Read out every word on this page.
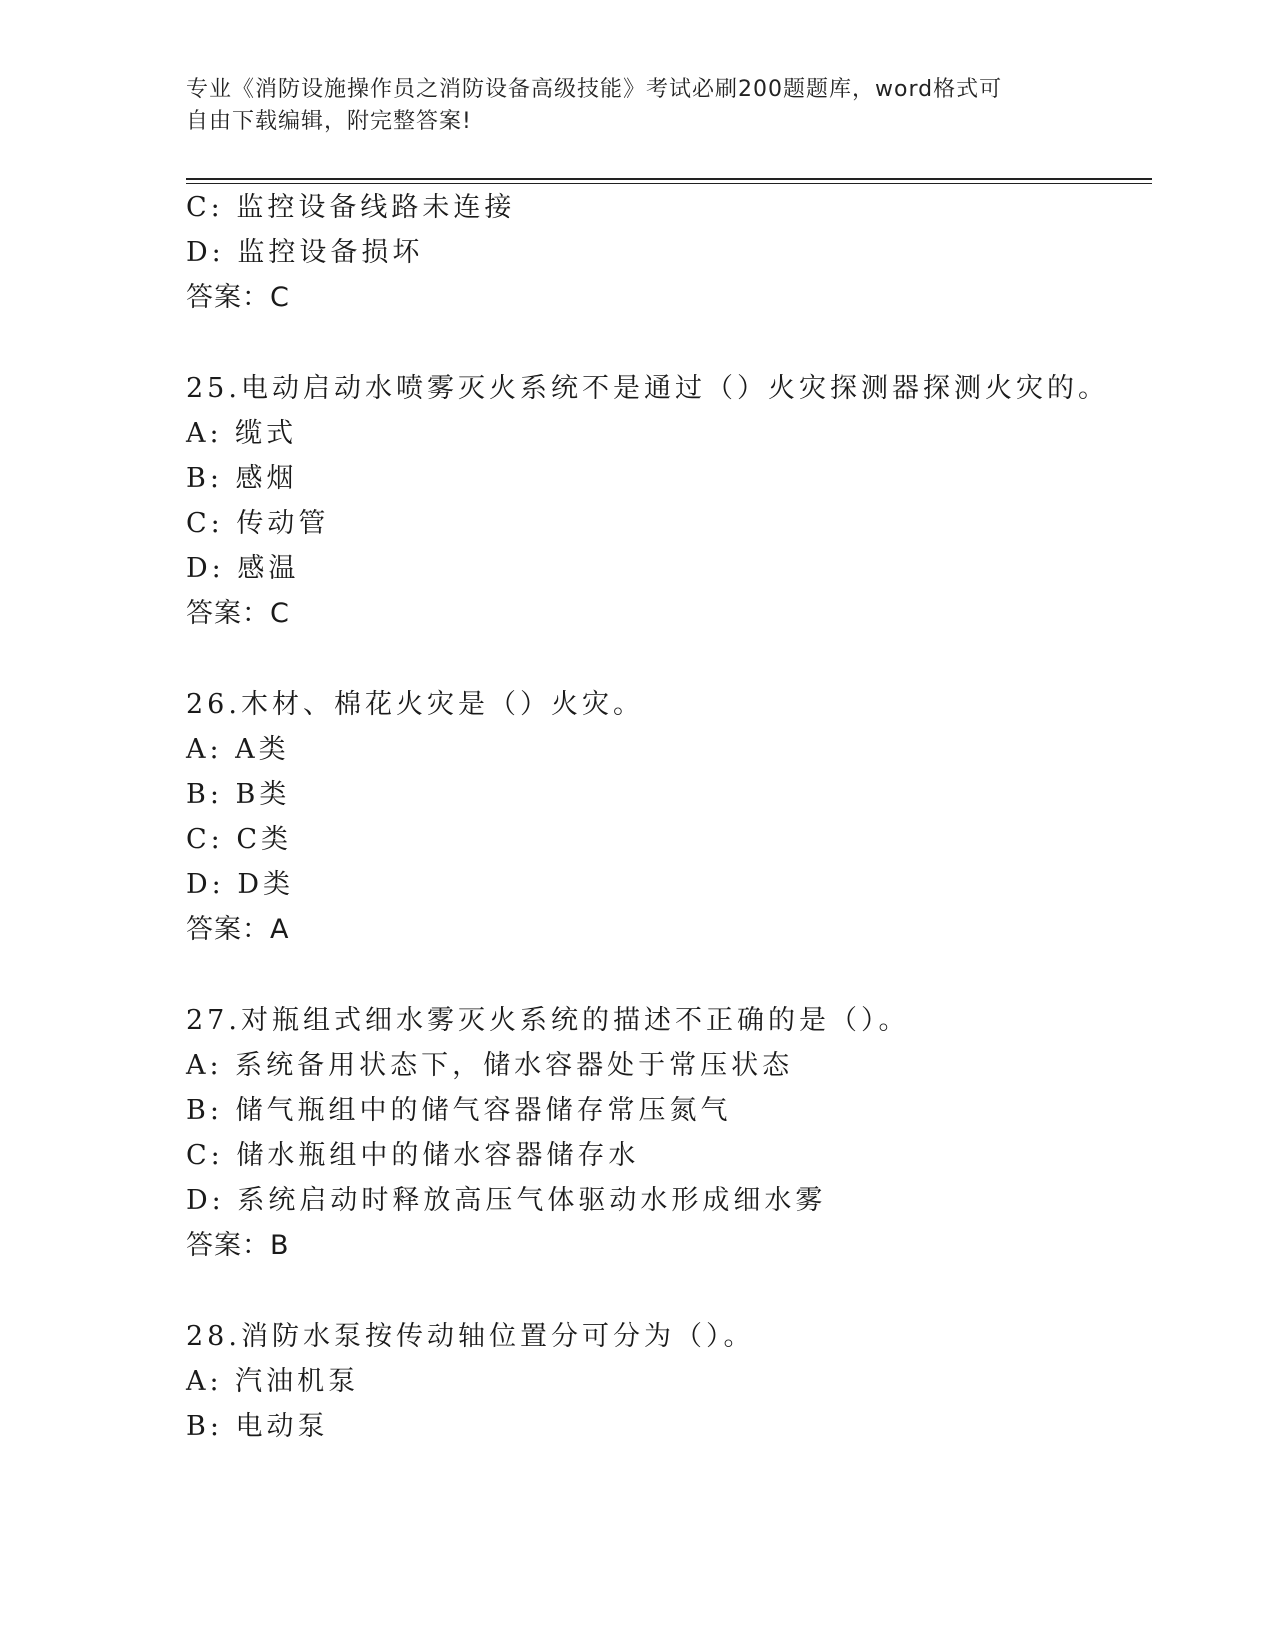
专业《消防设施操作员之消防设备高级技能》考试必刷200题题库，word格式可
自由下载编辑，附完整答案!
C: 监控设备线路未连接
D: 监控设备损坏
答案：C
25.电动启动水喷雾灭火系统不是通过（）火灾探测器探测火灾的。
A: 缆式
B: 感烟
C: 传动管
D: 感温
答案：C
26.木材、棉花火灾是（）火灾。
A: A类
B: B类
C: C类
D: D类
答案：A
27.对瓶组式细水雾灭火系统的描述不正确的是（）。
A: 系统备用状态下，储水容器处于常压状态
B: 储气瓶组中的储气容器储存常压氮气
C: 储水瓶组中的储水容器储存水
D: 系统启动时释放高压气体驱动水形成细水雾
答案：B
28.消防水泵按传动轴位置分可分为（）。
A: 汽油机泵
B: 电动泵
